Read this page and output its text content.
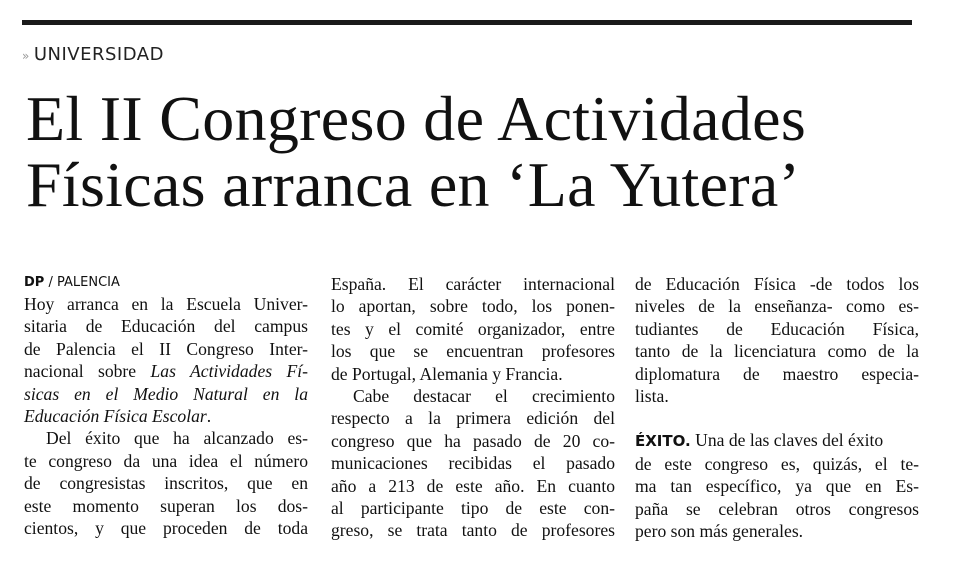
» UNIVERSIDAD
El II Congreso de Actividades
Físicas arranca en ‘La Yutera’
DP / PALENCIA
Hoy arranca en la Escuela Univer-
sitaria de Educación del campus
de Palencia el II Congreso Inter-
nacional sobre Las Actividades Fí-
sicas en el Medio Natural en la
Educación Física Escolar.
Del éxito que ha alcanzado es-
te congreso da una idea el número
de congresistas inscritos, que en
este momento superan los dos-
cientos, y que proceden de toda
España. El carácter internacional
lo aportan, sobre todo, los ponen-
tes y el comité organizador, entre
los que se encuentran profesores
de Portugal, Alemania y Francia.
Cabe destacar el crecimiento
respecto a la primera edición del
congreso que ha pasado de 20 co-
municaciones recibidas el pasado
año a 213 de este año. En cuanto
al participante tipo de este con-
greso, se trata tanto de profesores
de Educación Física -de todos los
niveles de la enseñanza- como es-
tudiantes de Educación Física,
tanto de la licenciatura como de la
diplomatura de maestro especia-
lista.
ÉXITO. Una de las claves del éxito
de este congreso es, quizás, el te-
ma tan específico, ya que en Es-
paña se celebran otros congresos
pero son más generales.
